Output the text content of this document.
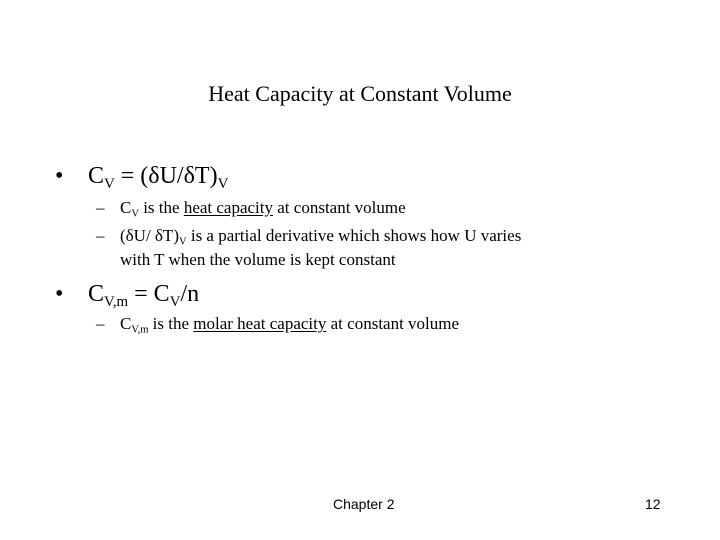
Heat Capacity at Constant Volume
• $C_V = (\delta U/\delta T)_V$
– $C_V$ is the heat capacity at constant volume
– (δU/ $\delta T)_V$ is a partial derivative which shows how U varies
with T when the volume is kept constant
• $C_{V,m} = C_V/n$
– $C_{V,m}$ is the molar heat capacity at constant volume
Chapter 2	12
